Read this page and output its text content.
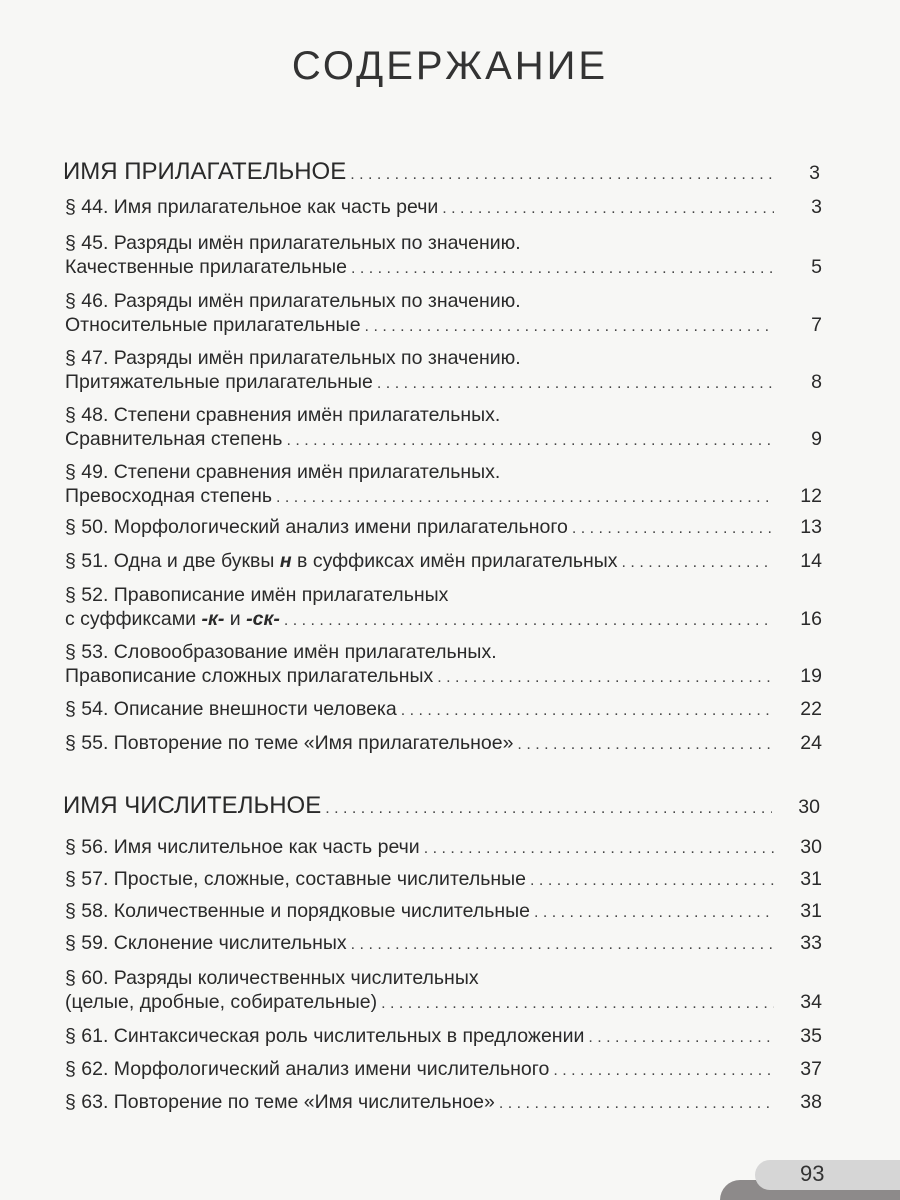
СОДЕРЖАНИЕ
ИМЯ ПРИЛАГАТЕЛЬНОЕ . . .	3
§ 44. Имя прилагательное как часть речи . . .	3
§ 45. Разряды имён прилагательных по значению.
Качественные прилагательные . . .	5
§ 46. Разряды имён прилагательных по значению.
Относительные прилагательные . . .	7
§ 47. Разряды имён прилагательных по значению.
Притяжательные прилагательные . . .	8
§ 48. Степени сравнения имён прилагательных.
Сравнительная степень . . .	9
§ 49. Степени сравнения имён прилагательных.
Превосходная степень . . .	12
§ 50. Морфологический анализ имени прилагательного . . .	13
§ 51. Одна и две буквы н в суффиксах имён прилагательных . . .	14
§ 52. Правописание имён прилагательных
с суффиксами -к- и -ск- . . .	16
§ 53. Словообразование имён прилагательных.
Правописание сложных прилагательных . . .	19
§ 54. Описание внешности человека . . .	22
§ 55. Повторение по теме «Имя прилагательное» . . .	24
ИМЯ ЧИСЛИТЕЛЬНОЕ . . .	30
§ 56. Имя числительное как часть речи . . .	30
§ 57. Простые, сложные, составные числительные . . .	31
§ 58. Количественные и порядковые числительные . . .	31
§ 59. Склонение числительных . . .	33
§ 60. Разряды количественных числительных
(целые, дробные, собирательные) . . .	34
§ 61. Синтаксическая роль числительных в предложении . . .	35
§ 62. Морфологический анализ имени числительного . . .	37
§ 63. Повторение по теме «Имя числительное» . . .	38
93
